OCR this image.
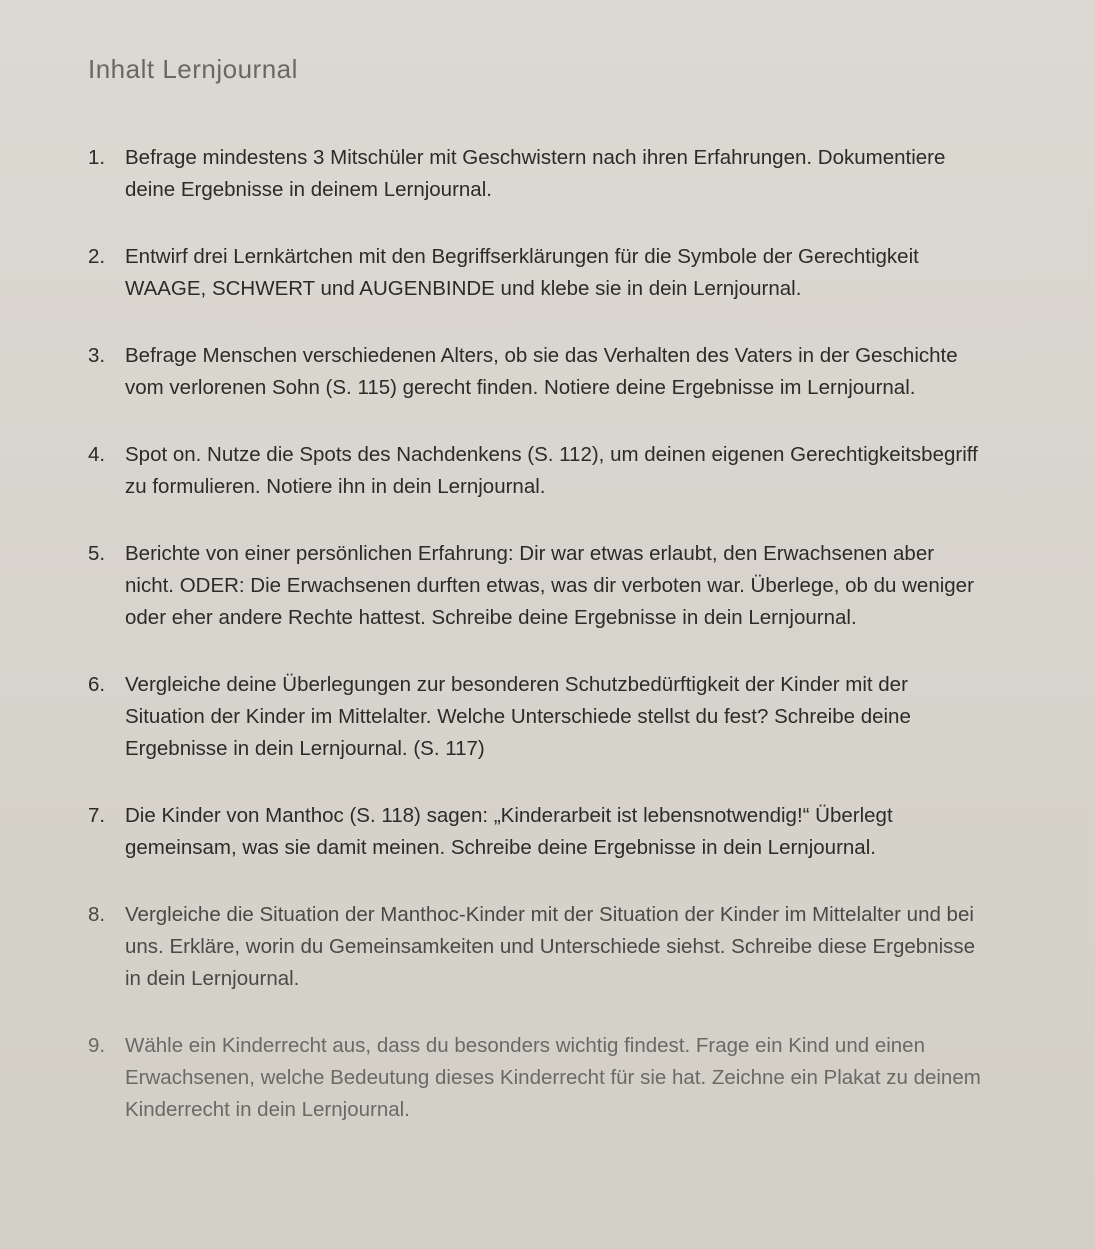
Inhalt Lernjournal
1. Befrage mindestens 3 Mitschüler mit Geschwistern nach ihren Erfahrungen. Dokumentiere deine Ergebnisse in deinem Lernjournal.
2. Entwirf drei Lernkärtchen mit den Begriffserklärungen für die Symbole der Gerechtigkeit WAAGE, SCHWERT und AUGENBINDE und klebe sie in dein Lernjournal.
3. Befrage Menschen verschiedenen Alters, ob sie das Verhalten des Vaters in der Geschichte vom verlorenen Sohn (S. 115) gerecht finden. Notiere deine Ergebnisse im Lernjournal.
4. Spot on. Nutze die Spots des Nachdenkens (S. 112), um deinen eigenen Gerechtigkeitsbegriff zu formulieren. Notiere ihn in dein Lernjournal.
5. Berichte von einer persönlichen Erfahrung: Dir war etwas erlaubt, den Erwachsenen aber nicht. ODER: Die Erwachsenen durften etwas, was dir verboten war. Überlege, ob du weniger oder eher andere Rechte hattest. Schreibe deine Ergebnisse in dein Lernjournal.
6. Vergleiche deine Überlegungen zur besonderen Schutzbedürftigkeit der Kinder mit der Situation der Kinder im Mittelalter. Welche Unterschiede stellst du fest? Schreibe deine Ergebnisse in dein Lernjournal. (S. 117)
7. Die Kinder von Manthoc (S. 118) sagen: „Kinderarbeit ist lebensnotwendig!“ Überlegt gemeinsam, was sie damit meinen. Schreibe deine Ergebnisse in dein Lernjournal.
8. Vergleiche die Situation der Manthoc-Kinder mit der Situation der Kinder im Mittelalter und bei uns. Erkläre, worin du Gemeinsamkeiten und Unterschiede siehst. Schreibe diese Ergebnisse in dein Lernjournal.
9. Wähle ein Kinderrecht aus, dass du besonders wichtig findest. Frage ein Kind und einen Erwachsenen, welche Bedeutung dieses Kinderrecht für sie hat. Zeichne ein Plakat zu deinem Kinderrecht in dein Lernjournal.
